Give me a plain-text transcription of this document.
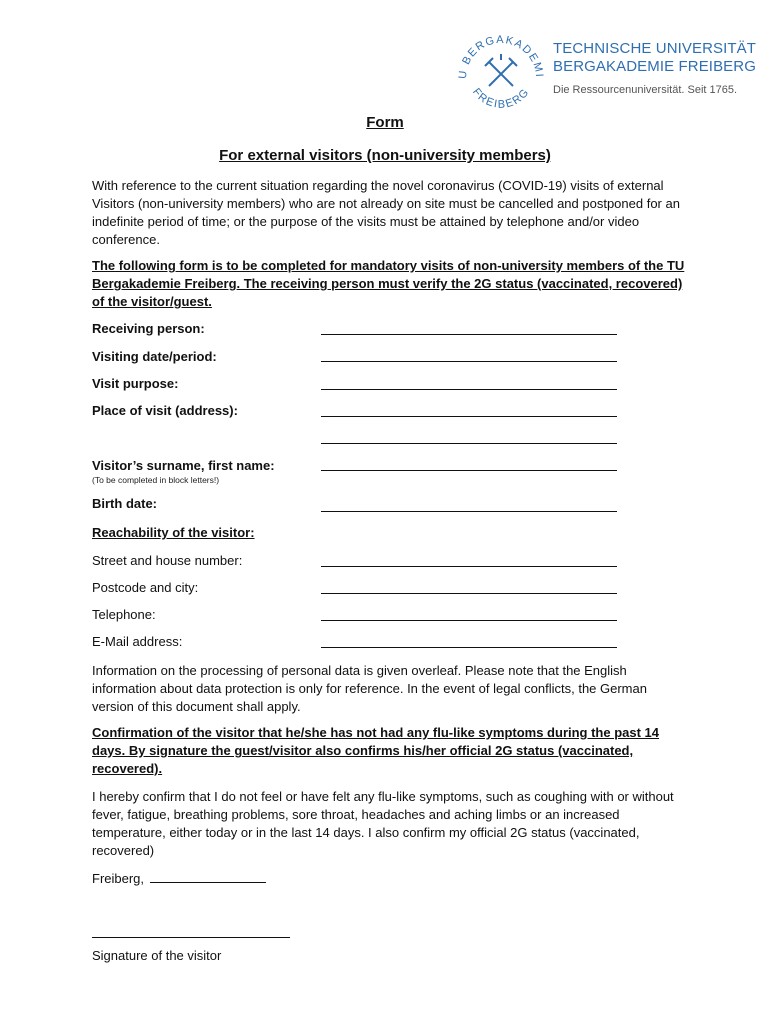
U BERGAKADEMI
FREIBERG
TECHNISCHE UNIVERSITÄT
BERGAKADEMIE FREIBERG
Die Ressourcenuniversität. Seit 1765.
Form
For external visitors (non-university members)
With reference to the current situation regarding the novel coronavirus (COVID-19) visits of external Visitors (non-university members) who are not already on site must be cancelled and postponed for an indefinite period of time; or the purpose of the visits must be attained by telephone and/or video conference.
The following form is to be completed for mandatory visits of non-university members of the TU Bergakademie Freiberg. The receiving person must verify the 2G status (vaccinated, recovered) of the visitor/guest.
Receiving person:
Visiting date/period:
Visit purpose:
Place of visit (address):
Visitor’s surname, first name:
(To be completed in block letters!)
Birth date:
Reachability of the visitor:
Street and house number:
Postcode and city:
Telephone:
E-Mail address:
Information on the processing of personal data is given overleaf. Please note that the English information about data protection is only for reference. In the event of legal conflicts, the German version of this document shall apply.
Confirmation of the visitor that he/she has not had any flu-like symptoms during the past 14 days. By signature the guest/visitor also confirms his/her official 2G status (vaccinated, recovered).
I hereby confirm that I do not feel or have felt any flu-like symptoms, such as coughing with or without fever, fatigue, breathing problems, sore throat, headaches and aching limbs or an increased temperature, either today or in the last 14 days. I also confirm my official 2G status (vaccinated, recovered)
Freiberg,
Signature of the visitor
